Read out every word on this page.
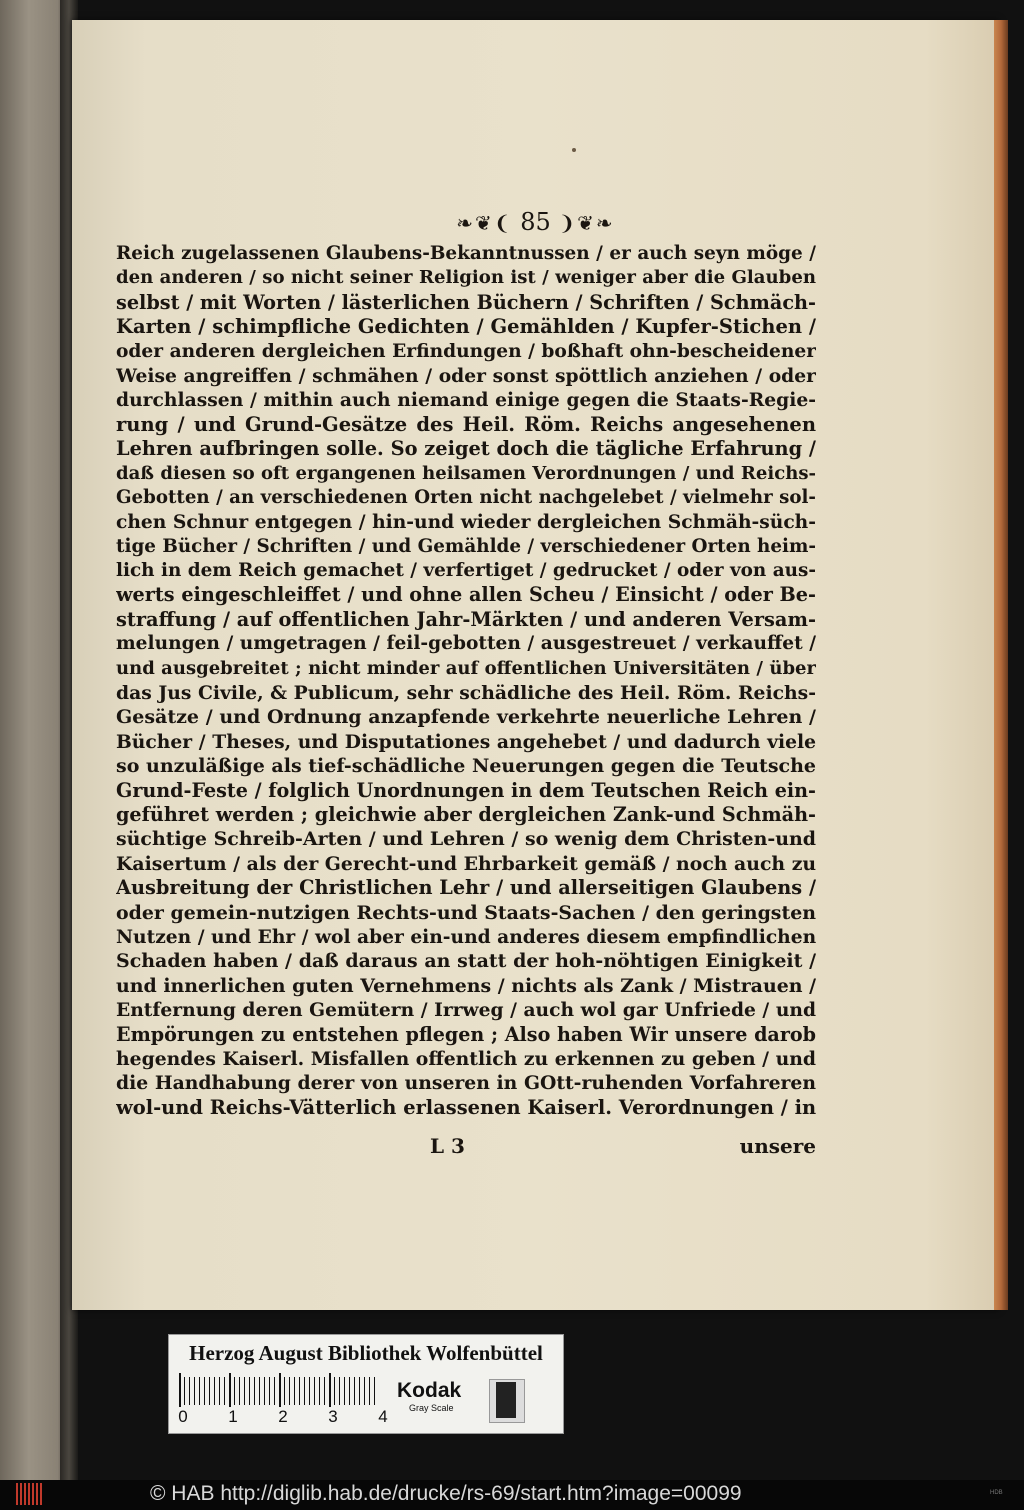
❧❦❨ 85 ❩❦❧
Reich zugelassenen Glaubens-Bekanntnussen / er auch seyn möge /
den anderen / so nicht seiner Religion ist / weniger aber die Glauben
selbst / mit Worten / lästerlichen Büchern / Schriften / Schmäch-
Karten / schimpfliche Gedichten / Gemählden / Kupfer-Stichen /
oder anderen dergleichen Erfindungen / boßhaft ohn-bescheidener
Weise angreiffen / schmähen / oder sonst spöttlich anziehen / oder
durchlassen / mithin auch niemand einige gegen die Staats-Regie-
rung / und Grund-Gesätze des Heil. Röm. Reichs angesehenen
Lehren aufbringen solle. So zeiget doch die tägliche Erfahrung /
daß diesen so oft ergangenen heilsamen Verordnungen / und Reichs-
Gebotten / an verschiedenen Orten nicht nachgelebet / vielmehr sol-
chen Schnur entgegen / hin-und wieder dergleichen Schmäh-süch-
tige Bücher / Schriften / und Gemählde / verschiedener Orten heim-
lich in dem Reich gemachet / verfertiget / gedrucket / oder von aus-
werts eingeschleiffet / und ohne allen Scheu / Einsicht / oder Be-
straffung / auf offentlichen Jahr-Märkten / und anderen Versam-
melungen / umgetragen / feil-gebotten / ausgestreuet / verkauffet /
und ausgebreitet ; nicht minder auf offentlichen Universitäten / über
das Jus Civile, & Publicum, sehr schädliche des Heil. Röm. Reichs-
Gesätze / und Ordnung anzapfende verkehrte neuerliche Lehren /
Bücher / Theses, und Disputationes angehebet / und dadurch viele
so unzuläßige als tief-schädliche Neuerungen gegen die Teutsche
Grund-Feste / folglich Unordnungen in dem Teutschen Reich ein-
geführet werden ; gleichwie aber dergleichen Zank-und Schmäh-
süchtige Schreib-Arten / und Lehren / so wenig dem Christen-und
Kaisertum / als der Gerecht-und Ehrbarkeit gemäß / noch auch zu
Ausbreitung der Christlichen Lehr / und allerseitigen Glaubens /
oder gemein-nutzigen Rechts-und Staats-Sachen / den geringsten
Nutzen / und Ehr / wol aber ein-und anderes diesem empfindlichen
Schaden haben / daß daraus an statt der hoh-nöhtigen Einigkeit /
und innerlichen guten Vernehmens / nichts als Zank / Mistrauen /
Entfernung deren Gemütern / Irrweg / auch wol gar Unfriede / und
Empörungen zu entstehen pflegen ; Also haben Wir unsere darob
hegendes Kaiserl. Misfallen offentlich zu erkennen zu geben / und
die Handhabung derer von unseren in GOtt-ruhenden Vorfahreren
wol-und Reichs-Vätterlich erlassenen Kaiserl. Verordnungen / in
L 3	unsere
Herzog August Bibliothek Wolfenbüttel
0	1	2	3	4
Kodak
Gray Scale
© HAB http://diglib.hab.de/drucke/rs-69/start.htm?image=00099	HDB
